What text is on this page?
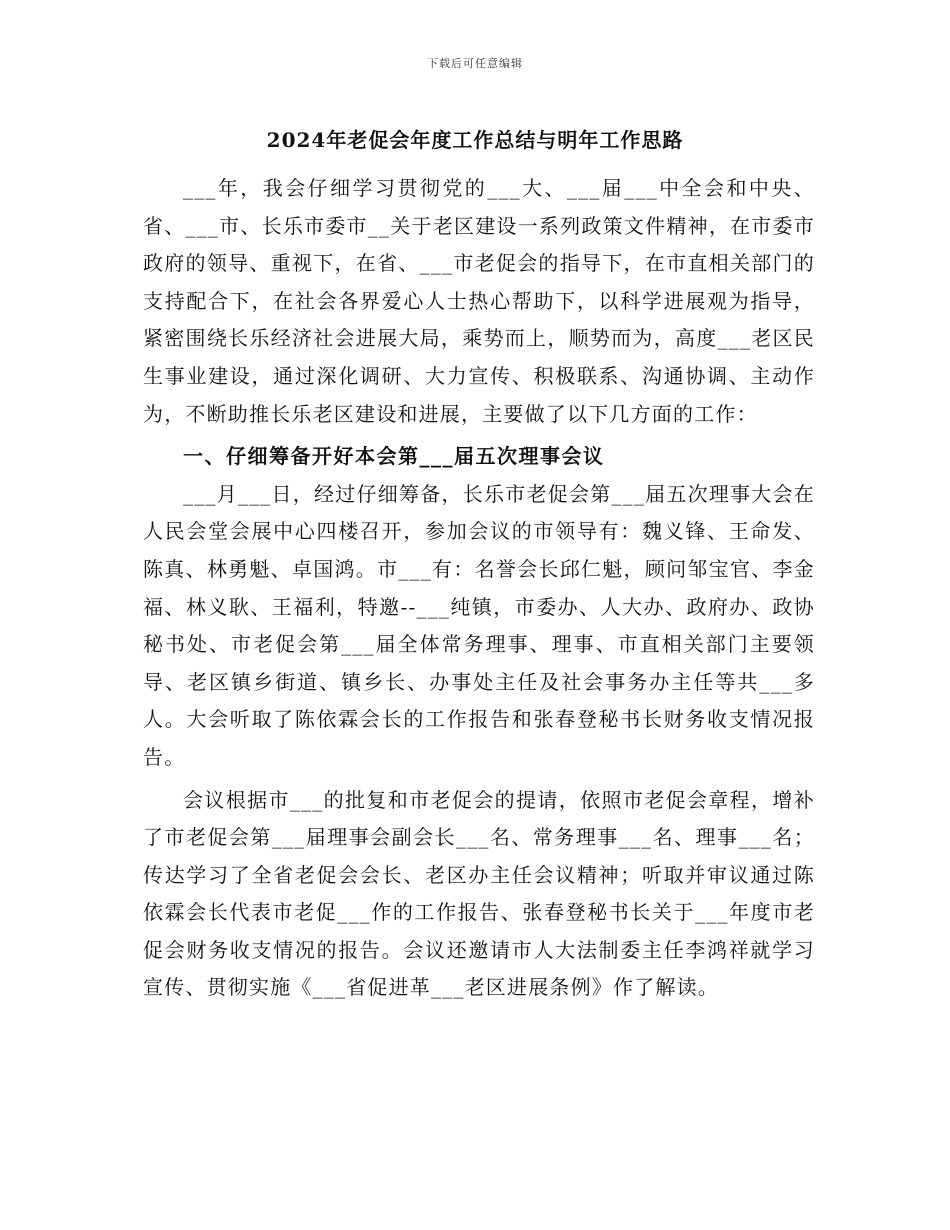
下载后可任意编辑
2024年老促会年度工作总结与明年工作思路

___年，我会仔细学习贯彻党的___大、___届___中全会和中央、省、___市、长乐市委市__关于老区建设一系列政策文件精神，在市委市政府的领导、重视下，在省、___市老促会的指导下，在市直相关部门的支持配合下，在社会各界爱心人士热心帮助下，以科学进展观为指导，紧密围绕长乐经济社会进展大局，乘势而上，顺势而为，高度___老区民生事业建设，通过深化调研、大力宣传、积极联系、沟通协调、主动作为，不断助推长乐老区建设和进展，主要做了以下几方面的工作：

一、仔细筹备开好本会第___届五次理事会议

___月___日，经过仔细筹备，长乐市老促会第___届五次理事大会在人民会堂会展中心四楼召开，参加会议的市领导有：魏义锋、王命发、陈真、林勇魁、卓国鸿。市___有：名誉会长邱仁魁，顾问邹宝官、李金福、林义耿、王福利，特邀--___纯镇，市委办、人大办、政府办、政协秘书处、市老促会第___届全体常务理事、理事、市直相关部门主要领导、老区镇乡街道、镇乡长、办事处主任及社会事务办主任等共___多人。大会听取了陈依霖会长的工作报告和张春登秘书长财务收支情况报告。

会议根据市___的批复和市老促会的提请，依照市老促会章程，增补了市老促会第___届理事会副会长___名、常务理事___名、理事___名；传达学习了全省老促会会长、老区办主任会议精神；听取并审议通过陈依霖会长代表市老促___作的工作报告、张春登秘书长关于___年度市老促会财务收支情况的报告。会议还邀请市人大法制委主任李鸿祥就学习宣传、贯彻实施《___省促进革___老区进展条例》作了解读。
